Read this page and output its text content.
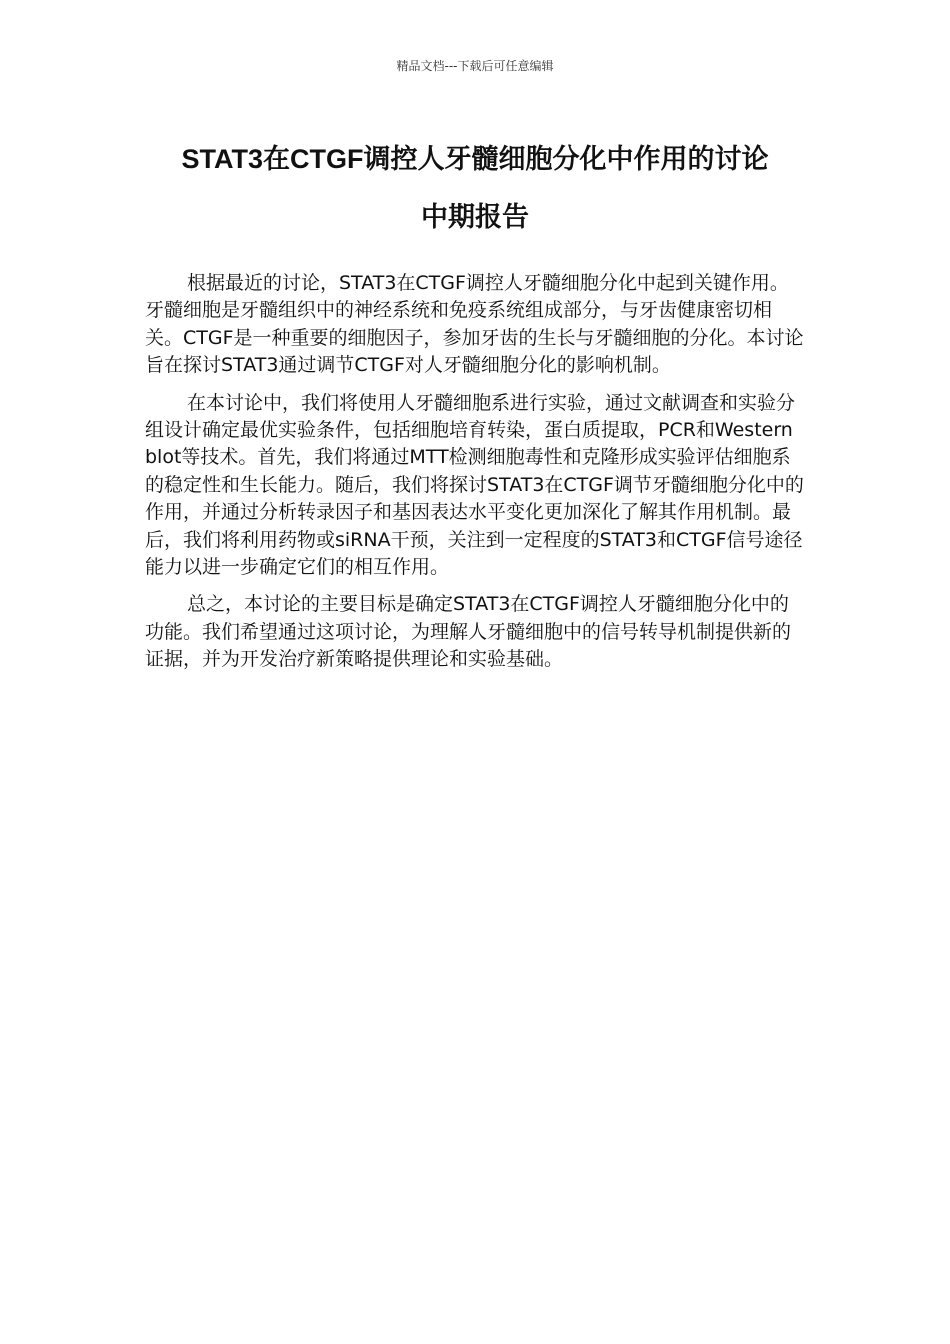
精品文档---下载后可任意编辑
STAT3在CTGF调控人牙髓细胞分化中作用的讨论
中期报告

根据最近的讨论，STAT3在CTGF调控人牙髓细胞分化中起到关键作用。牙髓细胞是牙髓组织中的神经系统和免疫系统组成部分，与牙齿健康密切相关。CTGF是一种重要的细胞因子，参加牙齿的生长与牙髓细胞的分化。本讨论旨在探讨STAT3通过调节CTGF对人牙髓细胞分化的影响机制。

在本讨论中，我们将使用人牙髓细胞系进行实验，通过文献调查和实验分组设计确定最优实验条件，包括细胞培育转染，蛋白质提取，PCR和Western blot等技术。首先，我们将通过MTT检测细胞毒性和克隆形成实验评估细胞系的稳定性和生长能力。随后，我们将探讨STAT3在CTGF调节牙髓细胞分化中的作用，并通过分析转录因子和基因表达水平变化更加深化了解其作用机制。最后，我们将利用药物或siRNA干预，关注到一定程度的STAT3和CTGF信号途径能力以进一步确定它们的相互作用。

总之，本讨论的主要目标是确定STAT3在CTGF调控人牙髓细胞分化中的功能。我们希望通过这项讨论，为理解人牙髓细胞中的信号转导机制提供新的证据，并为开发治疗新策略提供理论和实验基础。
